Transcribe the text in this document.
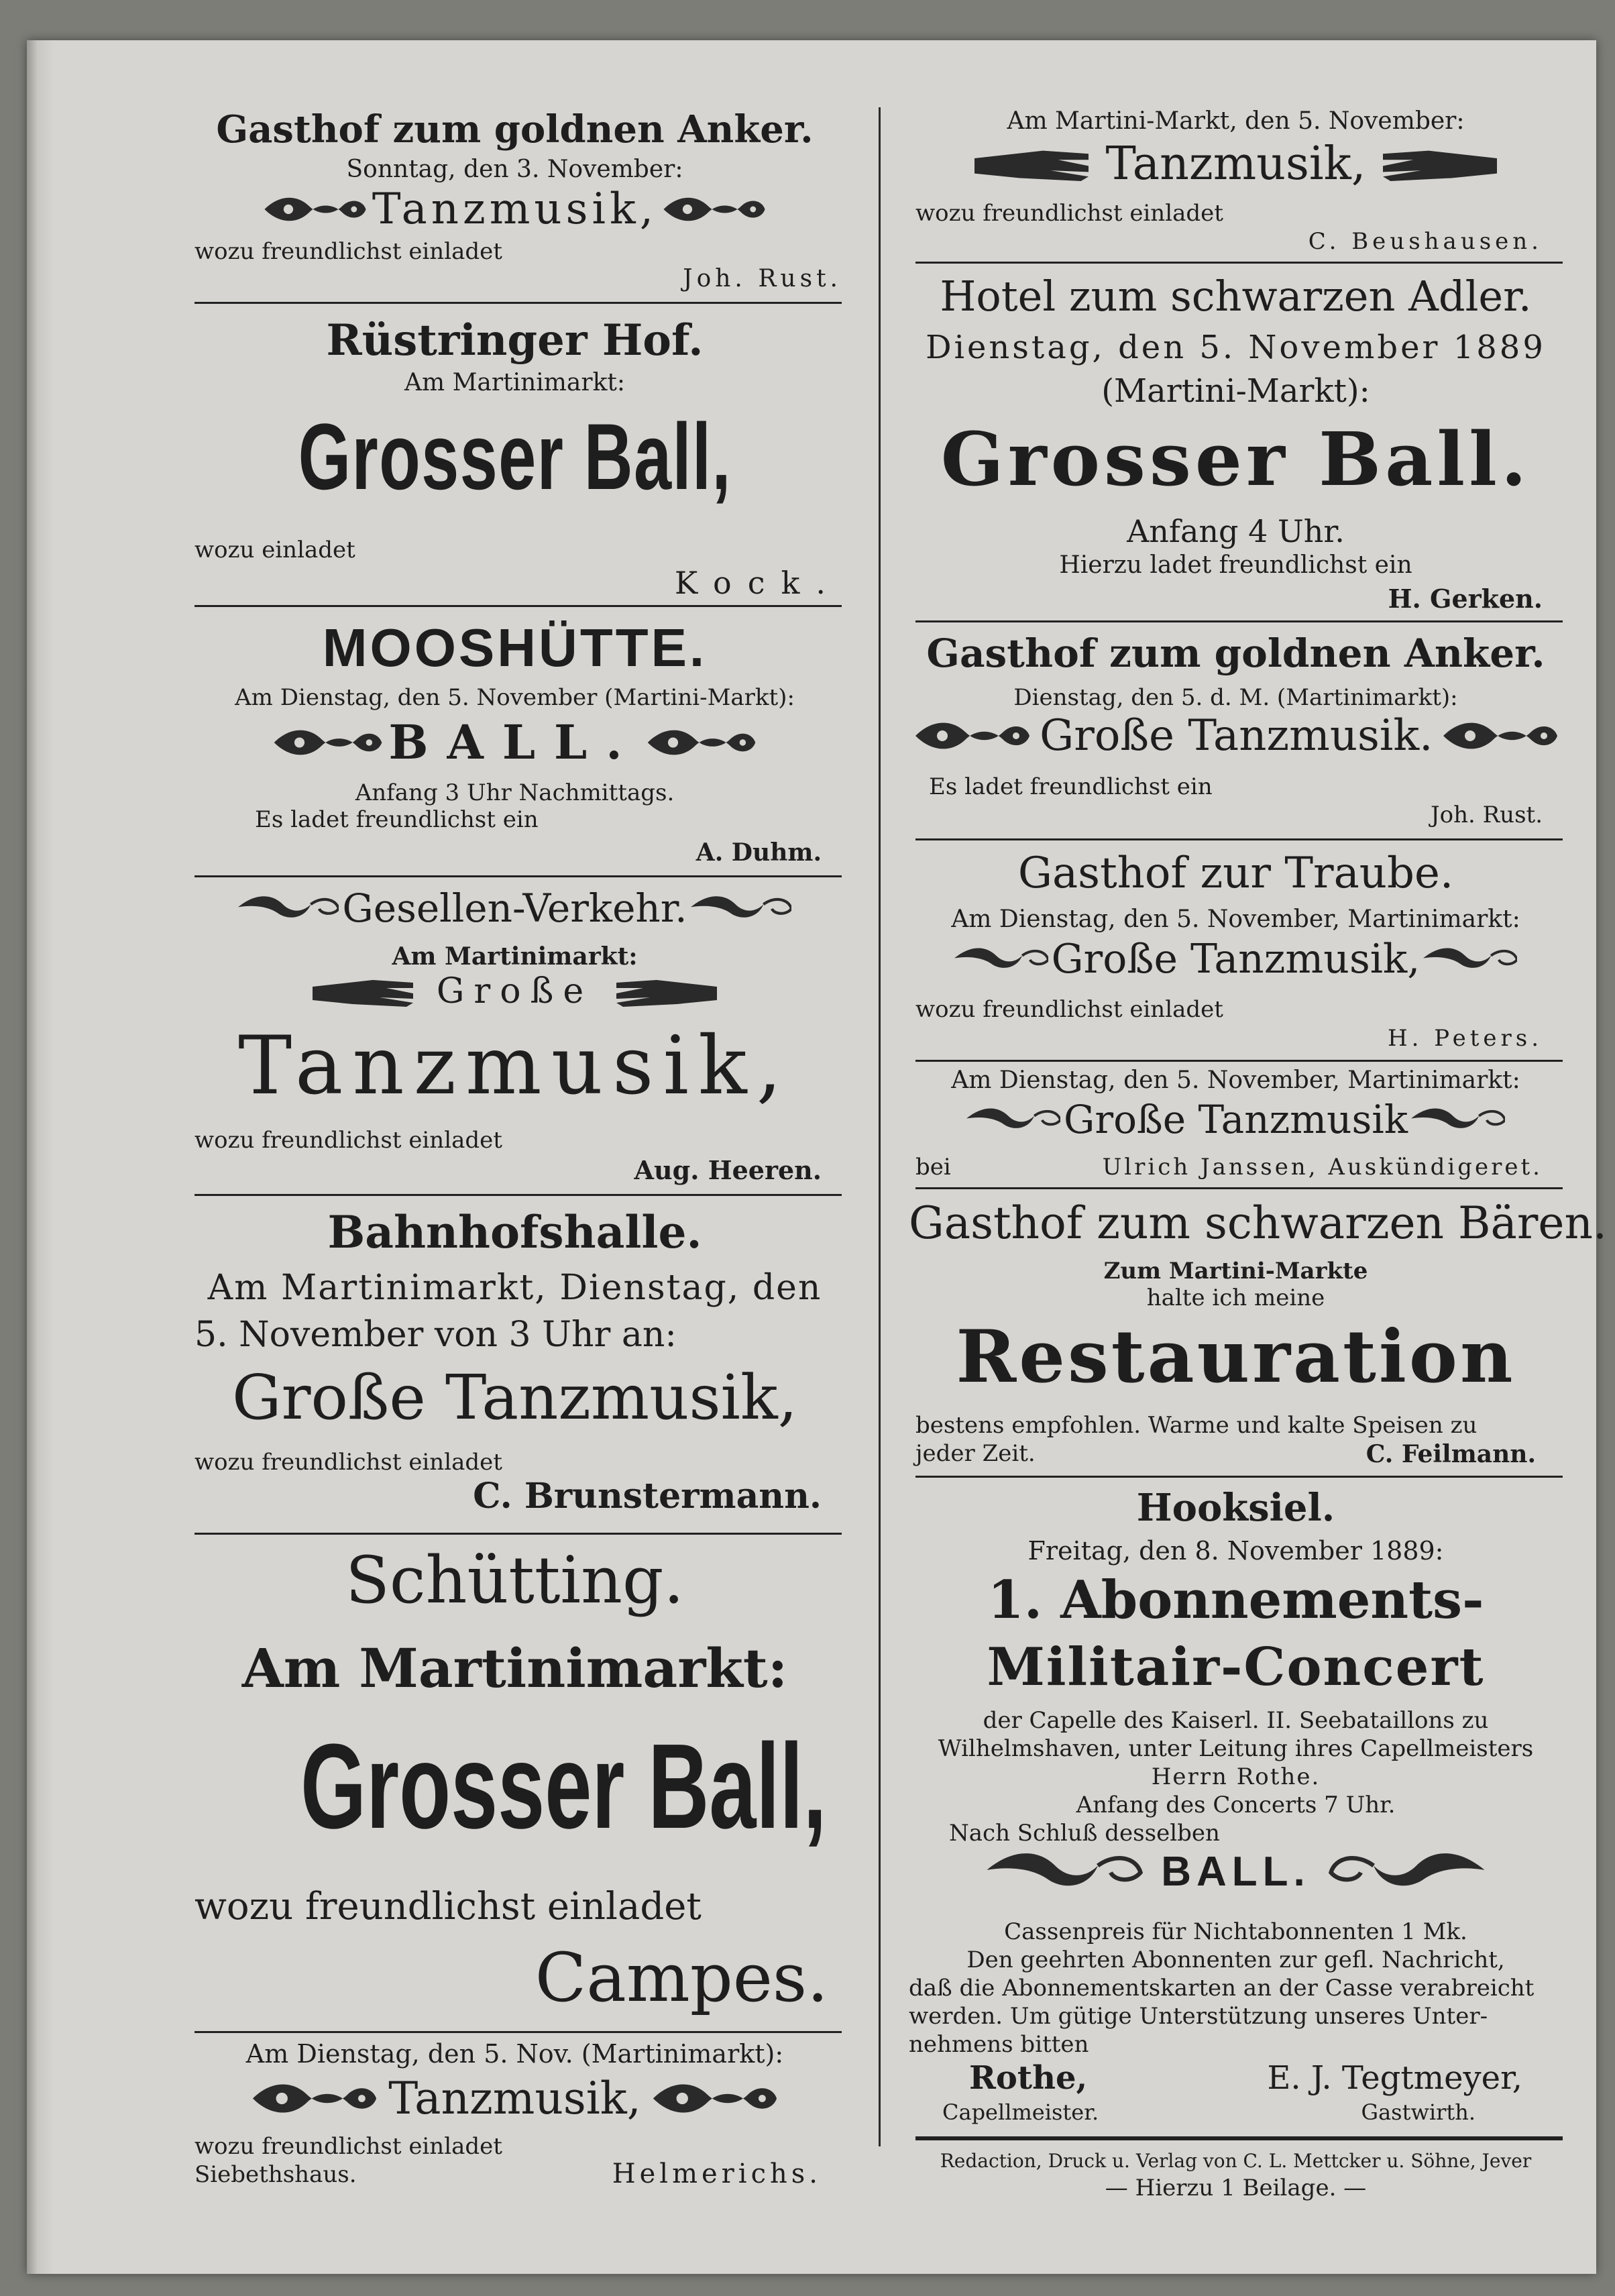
Gasthof zum goldnen Anker.
Sonntag, den 3. November:
Tanzmusik,
wozu freundlichst einladet
Joh. Rust.
Rüstringer Hof.
Am Martinimarkt:
Grosser Ball,
wozu einladet
Kock.
MOOSHÜTTE.
Am Dienstag, den 5. November (Martini-Markt):
BALL.
Anfang 3 Uhr Nachmittags.
Es ladet freundlichst ein
A. Duhm.
Gesellen-Verkehr.
Am Martinimarkt:
Große
Tanzmusik,
wozu freundlichst einladet
Aug. Heeren.
Bahnhofshalle.
Am Martinimarkt, Dienstag, den
5. November von 3 Uhr an:
Große Tanzmusik,
wozu freundlichst einladet
C. Brunstermann.
Schütting.
Am Martinimarkt:
Grosser Ball,
wozu freundlichst einladet
Campes.
Am Dienstag, den 5. Nov. (Martinimarkt):
Tanzmusik,
wozu freundlichst einladet
Siebethshaus.	Helmerichs.
Am Martini-Markt, den 5. November:
Tanzmusik,
wozu freundlichst einladet
C. Beushausen.
Hotel zum schwarzen Adler.
Dienstag, den 5. November 1889
(Martini-Markt):
Grosser Ball.
Anfang 4 Uhr.
Hierzu ladet freundlichst ein
H. Gerken.
Gasthof zum goldnen Anker.
Dienstag, den 5. d. M. (Martinimarkt):
Große Tanzmusik.
Es ladet freundlichst ein
Joh. Rust.
Gasthof zur Traube.
Am Dienstag, den 5. November, Martinimarkt:
Große Tanzmusik,
wozu freundlichst einladet
H. Peters.
Am Dienstag, den 5. November, Martinimarkt:
Große Tanzmusik
bei	Ulrich Janssen, Auskündigeret.
Gasthof zum schwarzen Bären.
Zum Martini-Markte
halte ich meine
Restauration
bestens empfohlen. Warme und kalte Speisen zu
jeder Zeit.	C. Feilmann.
Hooksiel.
Freitag, den 8. November 1889:
1. Abonnements-
Militair-Concert
der Capelle des Kaiserl. II. Seebataillons zu
Wilhelmshaven, unter Leitung ihres Capellmeisters
Herrn Rothe.
Anfang des Concerts 7 Uhr.
Nach Schluß desselben
BALL.
Cassenpreis für Nichtabonnenten 1 Mk.
Den geehrten Abonnenten zur gefl. Nachricht,
daß die Abonnementskarten an der Casse verabreicht
werden. Um gütige Unterstützung unseres Unter-
nehmens bitten
Rothe,
Capellmeister.
E. J. Tegtmeyer,
Gastwirth.
Redaction, Druck u. Verlag von C. L. Mettcker u. Söhne, Jever
— Hierzu 1 Beilage. —
